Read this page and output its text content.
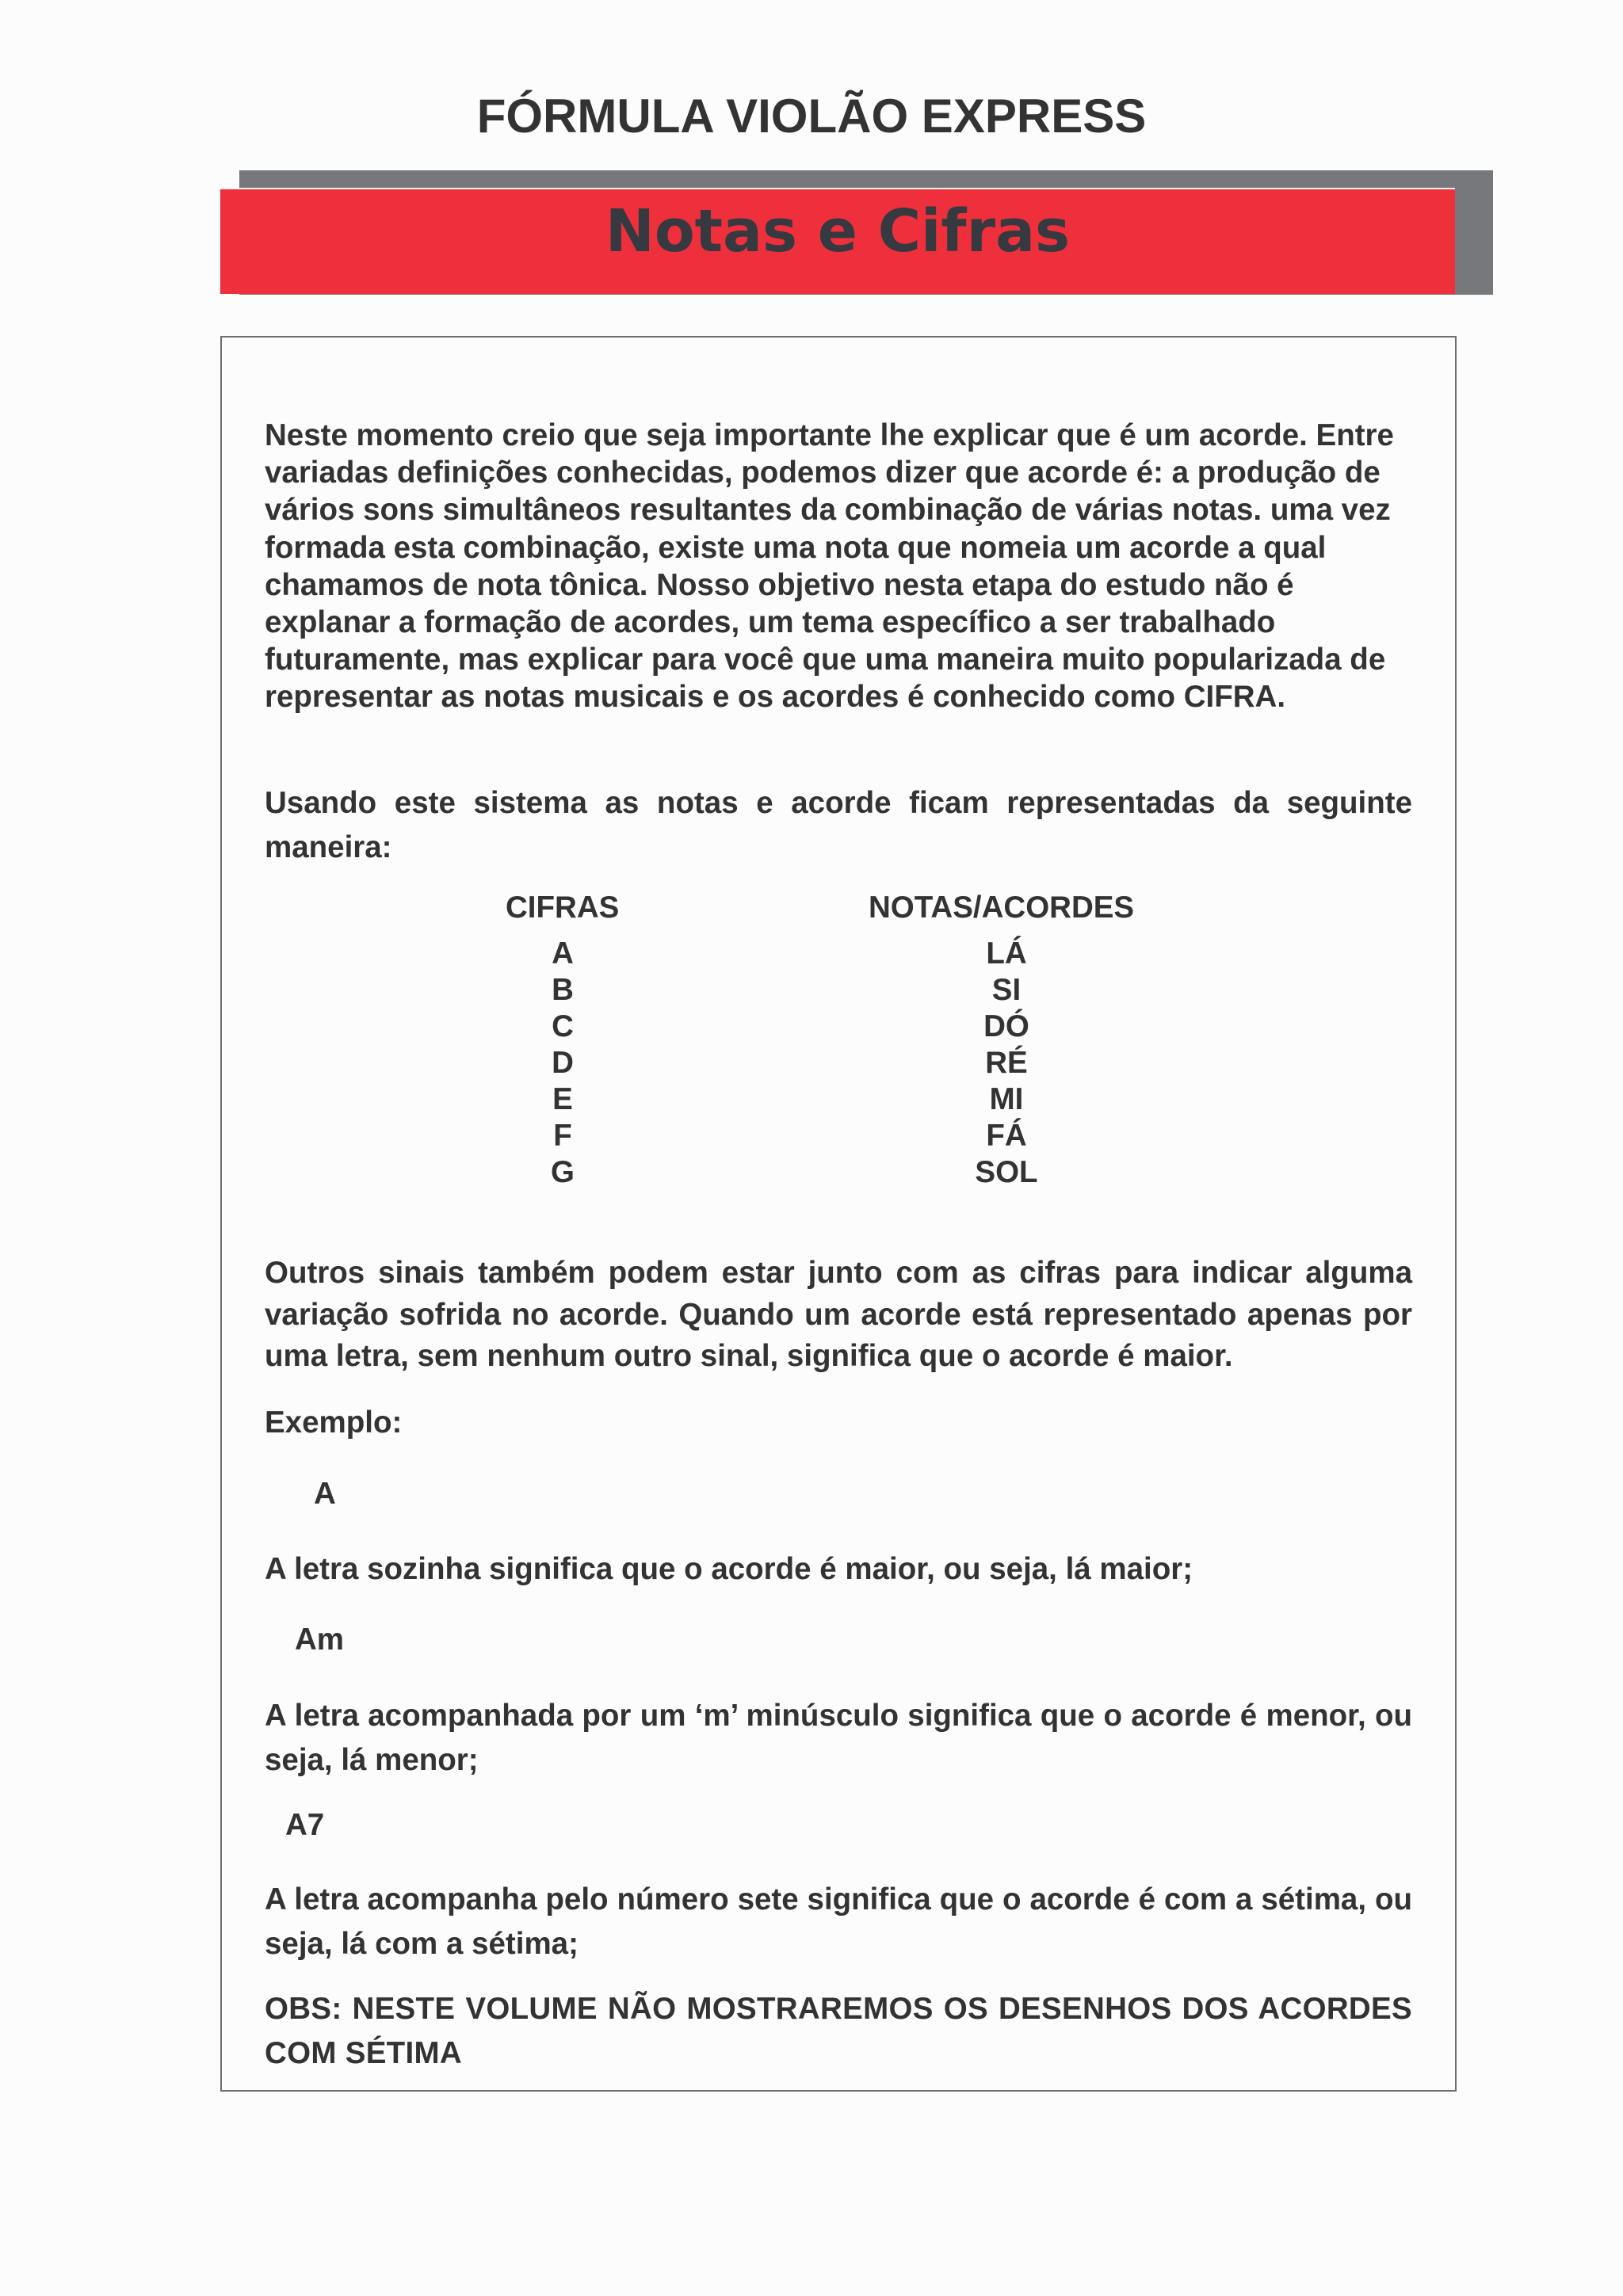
FÓRMULA VIOLÃO EXPRESS
Notas e Cifras

Neste momento creio que seja importante lhe explicar que é um acorde. Entre variadas definições conhecidas, podemos dizer que acorde é: a produção de vários sons simultâneos resultantes da combinação de várias notas. uma vez formada esta combinação, existe uma nota que nomeia um acorde a qual chamamos de nota tônica. Nosso objetivo nesta etapa do estudo não é explanar a formação de acordes, um tema específico a ser trabalhado futuramente, mas explicar para você que uma maneira muito popularizada de representar as notas musicais e os acordes é conhecido como CIFRA.

Usando este sistema as notas e acorde ficam representadas da seguinte maneira:

CIFRAS	NOTAS/ACORDES
A
B
C
D
E
F
G
LÁ
SI
DÓ
RÉ
MI
FÁ
SOL

Outros sinais também podem estar junto com as cifras para indicar alguma variação sofrida no acorde. Quando um acorde está representado apenas por uma letra, sem nenhum outro sinal, significa que o acorde é maior.

Exemplo:

A

A letra sozinha significa que o acorde é maior, ou seja, lá maior;

Am

A letra acompanhada por um ‘m’ minúsculo significa que o acorde é menor, ou seja, lá menor;

A7

A letra acompanha pelo número sete significa que o acorde é com a sétima, ou seja, lá com a sétima;

OBS: NESTE VOLUME NÃO MOSTRAREMOS OS DESENHOS DOS ACORDES COM SÉTIMA
